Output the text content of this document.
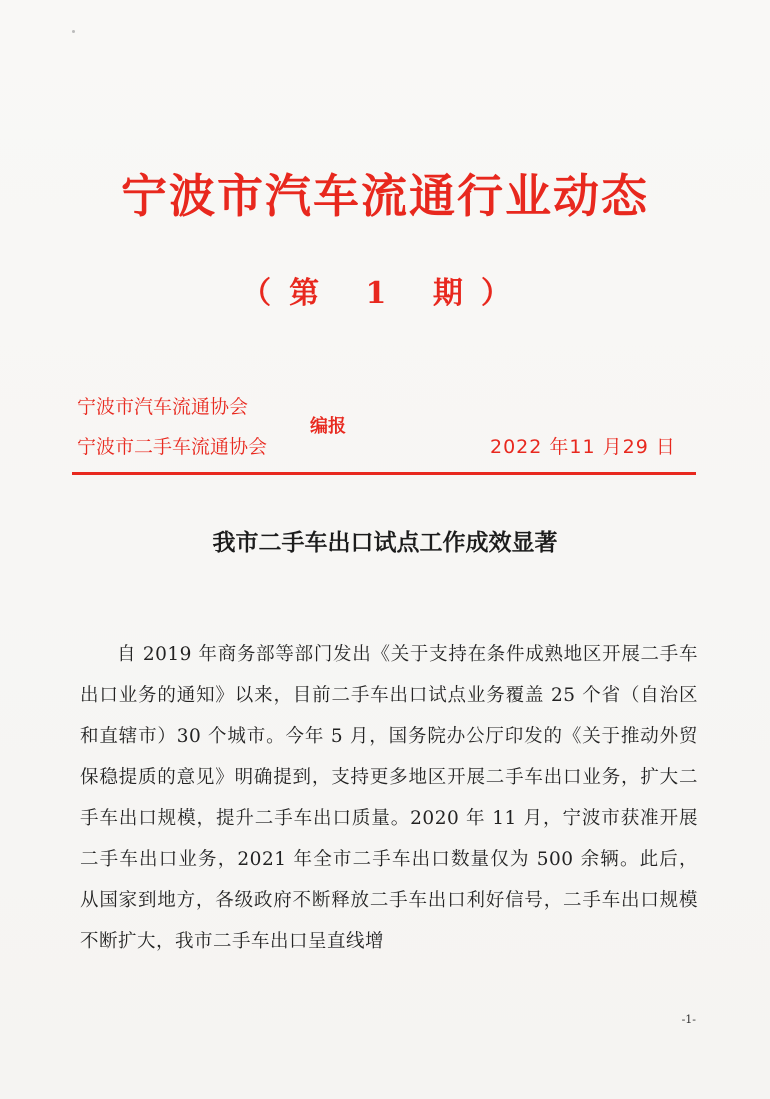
宁波市汽车流通行业动态
（第 1 期）
宁波市汽车流通协会
宁波市二手车流通协会
编报
2022 年11 月29 日
我市二手车出口试点工作成效显著
自 2019 年商务部等部门发出《关于支持在条件成熟地区开展二手车出口业务的通知》以来，目前二手车出口试点业务覆盖 25 个省（自治区和直辖市）30 个城市。今年 5 月，国务院办公厅印发的《关于推动外贸保稳提质的意见》明确提到，支持更多地区开展二手车出口业务，扩大二手车出口规模，提升二手车出口质量。2020 年 11 月，宁波市获准开展二手车出口业务，2021 年全市二手车出口数量仅为 500 余辆。此后，从国家到地方，各级政府不断释放二手车出口利好信号，二手车出口规模不断扩大，我市二手车出口呈直线增
-1-
